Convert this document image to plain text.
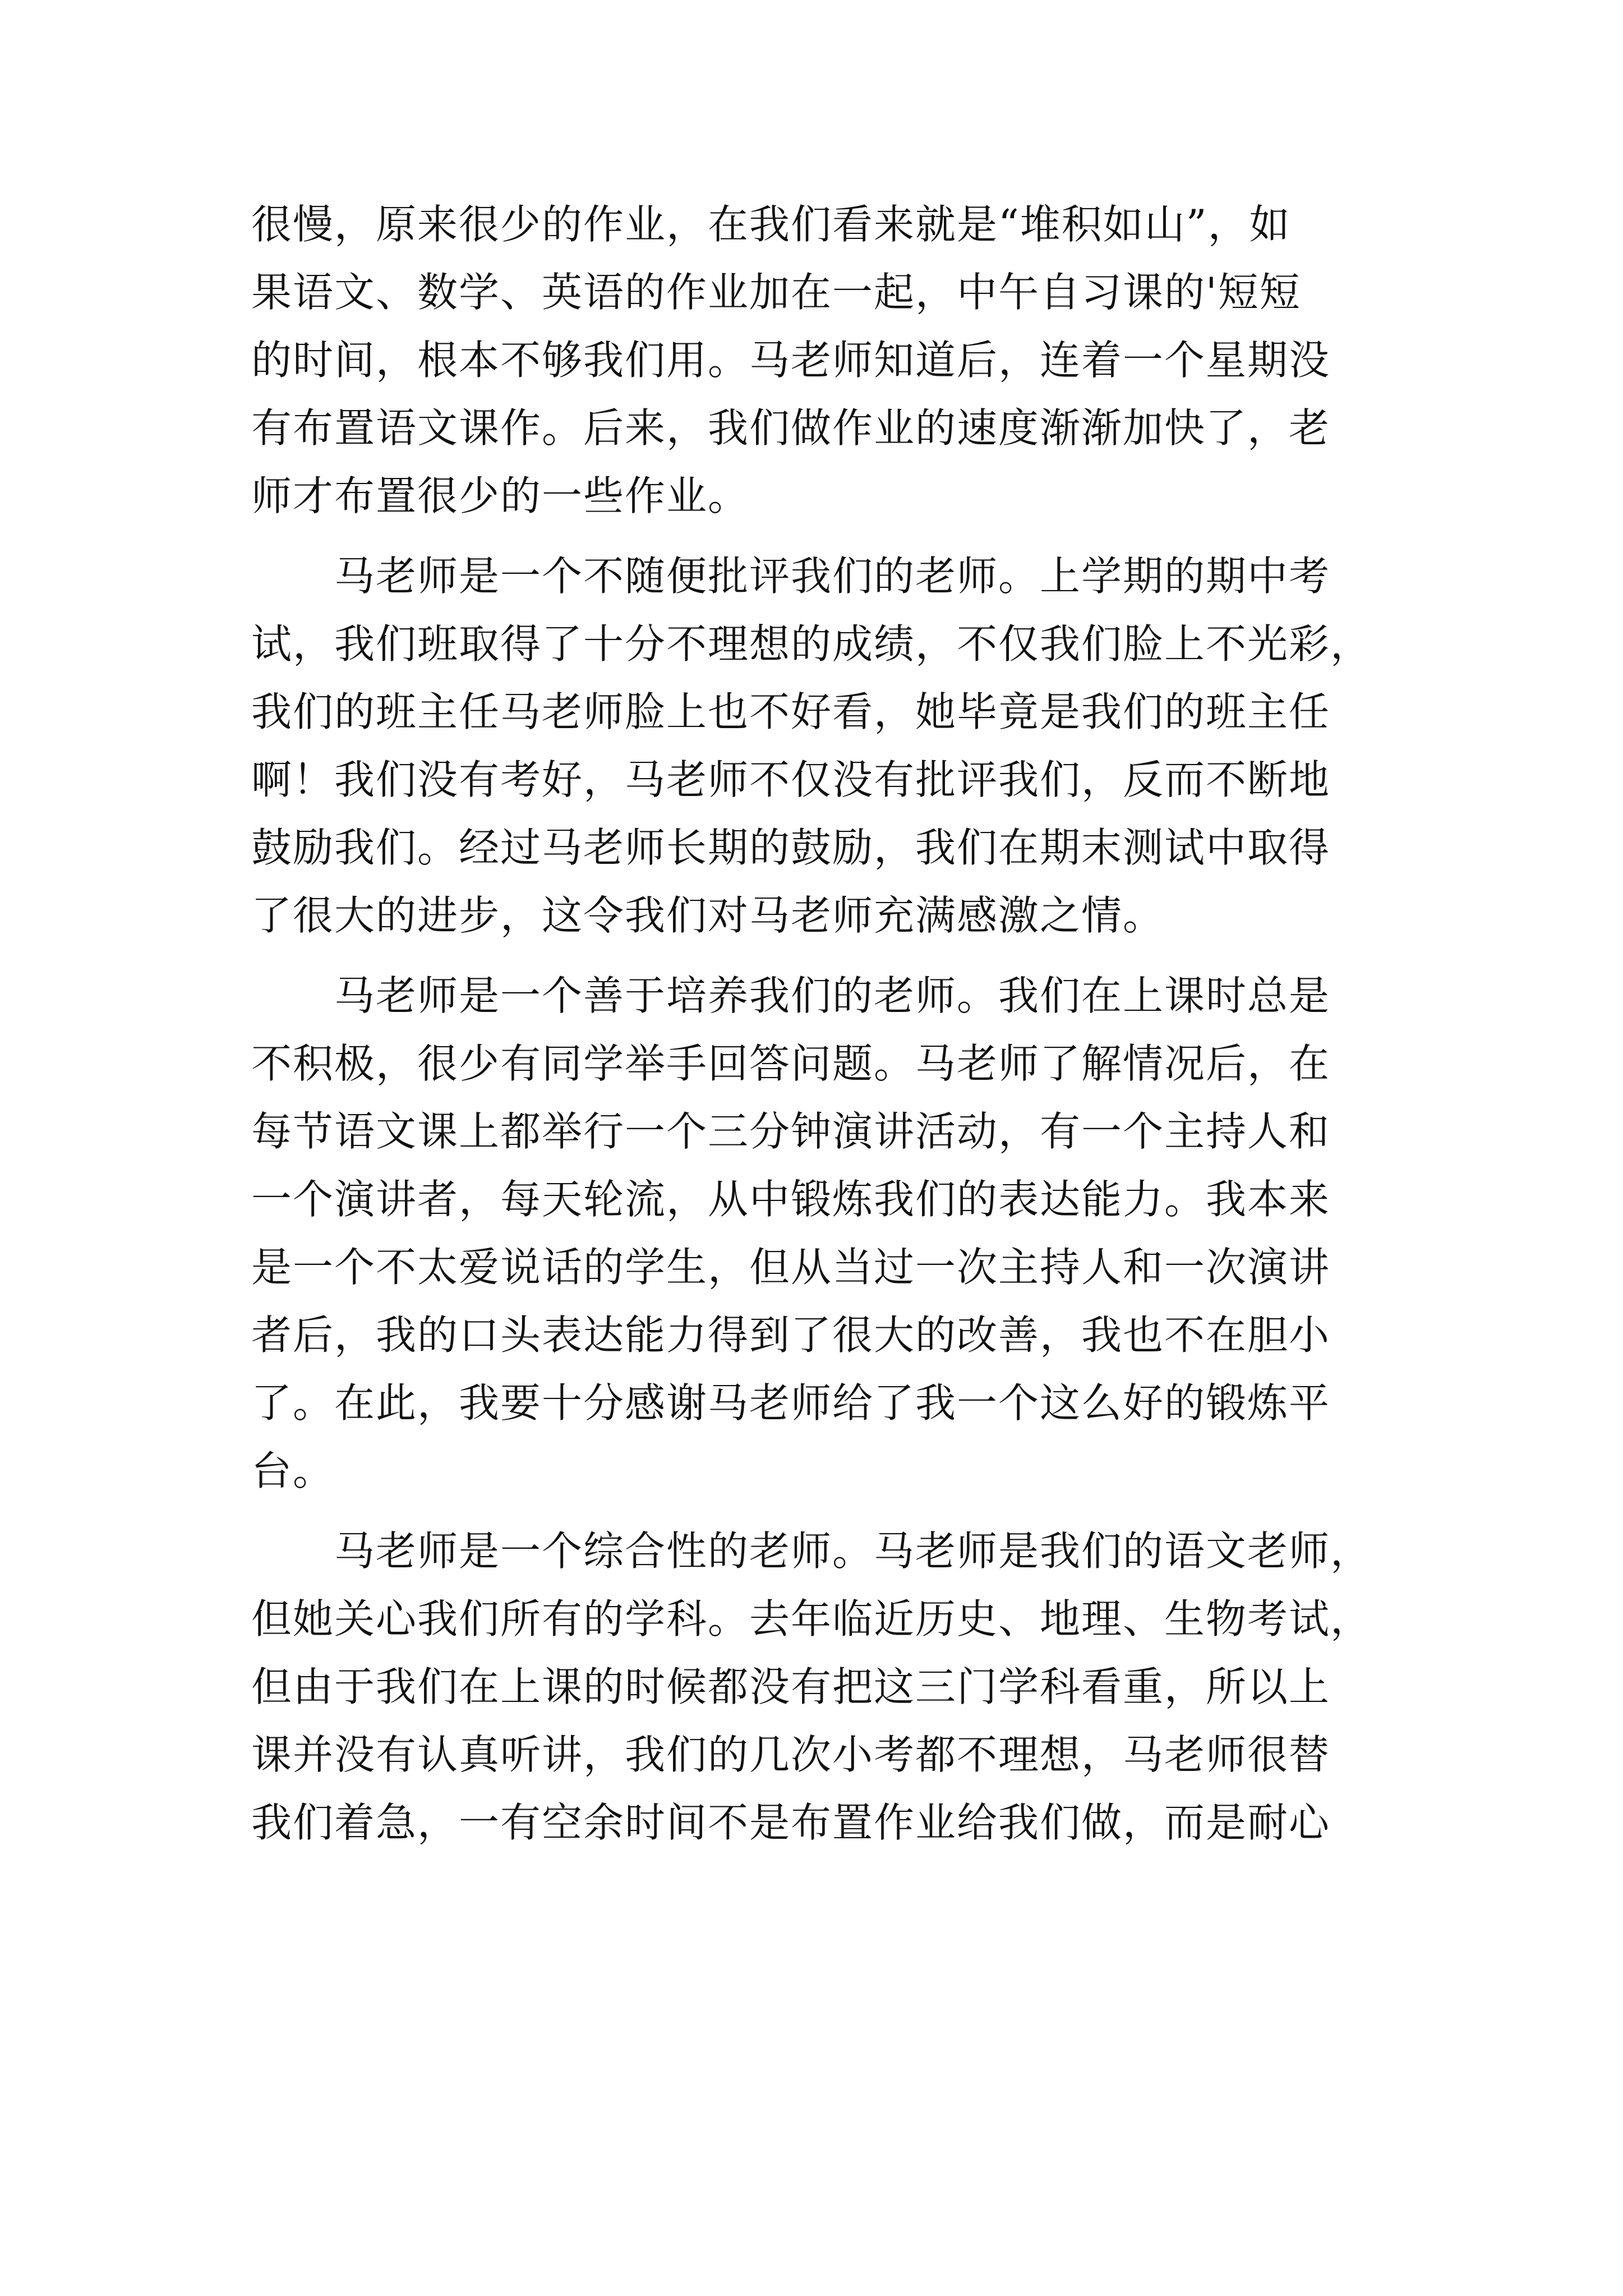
很慢，原来很少的作业，在我们看来就是“堆积如山”，如
果语文、数学、英语的作业加在一起，中午自习课的'短短
的时间，根本不够我们用。马老师知道后，连着一个星期没
有布置语文课作。后来，我们做作业的速度渐渐加快了，老
师才布置很少的一些作业。
　　马老师是一个不随便批评我们的老师。上学期的期中考
试，我们班取得了十分不理想的成绩，不仅我们脸上不光彩，
我们的班主任马老师脸上也不好看，她毕竟是我们的班主任
啊！我们没有考好，马老师不仅没有批评我们，反而不断地
鼓励我们。经过马老师长期的鼓励，我们在期末测试中取得
了很大的进步，这令我们对马老师充满感激之情。
　　马老师是一个善于培养我们的老师。我们在上课时总是
不积极，很少有同学举手回答问题。马老师了解情况后，在
每节语文课上都举行一个三分钟演讲活动，有一个主持人和
一个演讲者，每天轮流，从中锻炼我们的表达能力。我本来
是一个不太爱说话的学生，但从当过一次主持人和一次演讲
者后，我的口头表达能力得到了很大的改善，我也不在胆小
了。在此，我要十分感谢马老师给了我一个这么好的锻炼平
台。
　　马老师是一个综合性的老师。马老师是我们的语文老师，
但她关心我们所有的学科。去年临近历史、地理、生物考试，
但由于我们在上课的时候都没有把这三门学科看重，所以上
课并没有认真听讲，我们的几次小考都不理想，马老师很替
我们着急，一有空余时间不是布置作业给我们做，而是耐心
